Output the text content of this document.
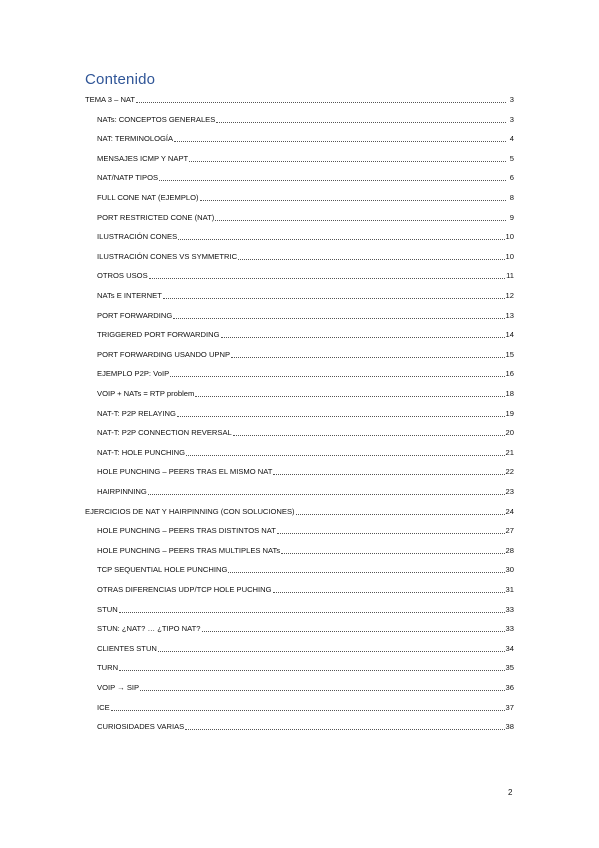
Contenido
TEMA 3 – NAT	3
NATs: CONCEPTOS GENERALES	3
NAT: TERMINOLOGÍA	4
MENSAJES ICMP Y NAPT	5
NAT/NATP TIPOS	6
FULL CONE NAT (EJEMPLO)	8
PORT RESTRICTED CONE (NAT)	9
ILUSTRACIÓN CONES	10
ILUSTRACIÓN CONES VS SYMMETRIC	10
OTROS USOS	11
NATs E INTERNET	12
PORT FORWARDING	13
TRIGGERED PORT FORWARDING	14
PORT FORWARDING USANDO UPNP	15
EJEMPLO P2P: VoIP	16
VOIP + NATs = RTP problem	18
NAT-T: P2P RELAYING	19
NAT-T: P2P CONNECTION REVERSAL	20
NAT-T: HOLE PUNCHING	21
HOLE PUNCHING – PEERS TRAS EL MISMO NAT	22
HAIRPINNING	23
EJERCICIOS DE NAT Y HAIRPINNING (CON SOLUCIONES)	24
HOLE PUNCHING – PEERS TRAS DISTINTOS NAT	27
HOLE PUNCHING – PEERS TRAS MULTIPLES NATs	28
TCP SEQUENTIAL HOLE PUNCHING	30
OTRAS DIFERENCIAS UDP/TCP HOLE PUCHING	31
STUN	33
STUN: ¿NAT? … ¿TIPO NAT?	33
CLIENTES STUN	34
TURN	35
VOIP → SIP	36
ICE	37
CURIOSIDADES VARIAS	38
2
